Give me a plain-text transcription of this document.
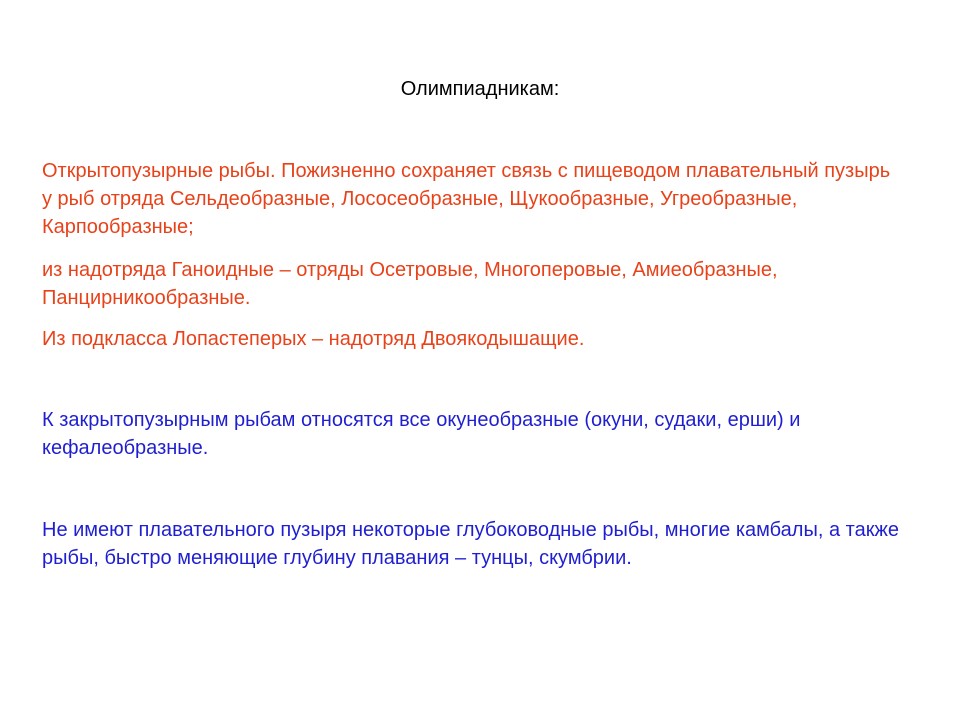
Олимпиадникам:

Открытопузырные рыбы. Пожизненно сохраняет связь с пищеводом плавательный пузырь у рыб отряда Сельдеобразные, Лососеобразные, Щукообразные, Угреобразные, Карпообразные;

из надотряда Ганоидные – отряды Осетровые, Многоперовые, Амиеобразные, Панцирникообразные.

Из подкласса Лопастеперых – надотряд Двоякодышащие.

К закрытопузырным рыбам относятся все окунеобразные (окуни, судаки, ерши) и кефалеобразные.

Не имеют плавательного пузыря некоторые глубоководные рыбы, многие камбалы, а также рыбы, быстро меняющие глубину плавания – тунцы, скумбрии.
